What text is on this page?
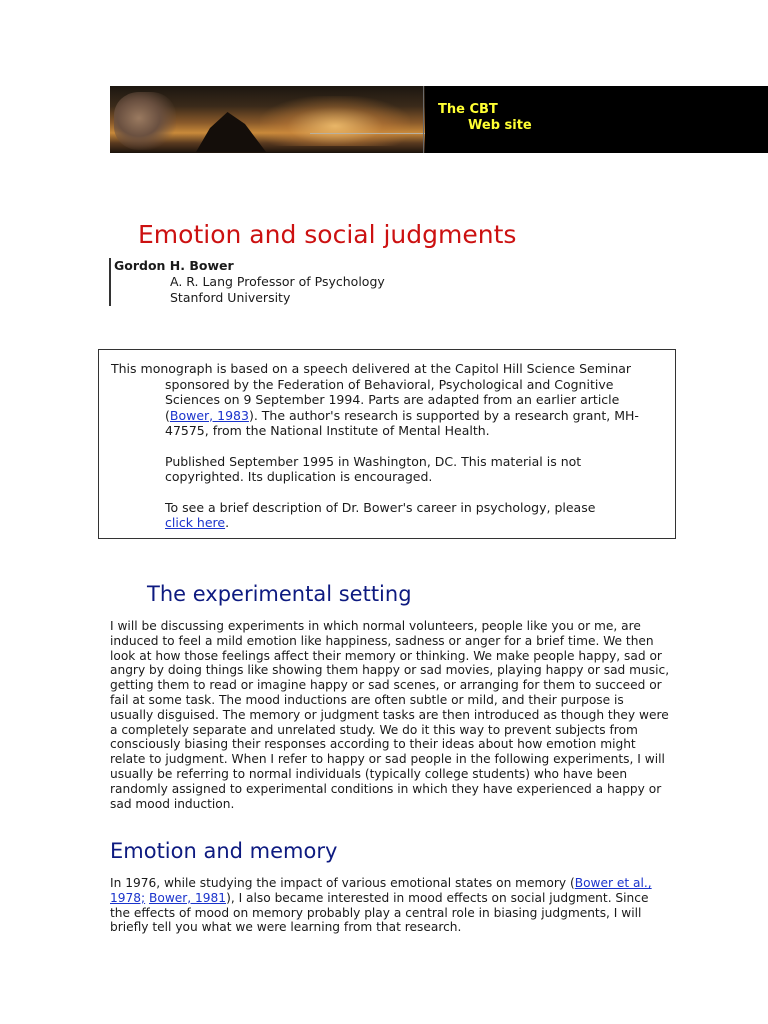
The CBT
Web site
Emotion and social judgments
Gordon H. Bower
A. R. Lang Professor of Psychology
Stanford University

This monograph is based on a speech delivered at the Capitol Hill Science Seminar sponsored by the Federation of Behavioral, Psychological and Cognitive Sciences on 9 September 1994. Parts are adapted from an earlier article (Bower, 1983). The author's research is supported by a research grant, MH-47575, from the National Institute of Mental Health.

Published September 1995 in Washington, DC. This material is not copyrighted. Its duplication is encouraged.

To see a brief description of Dr. Bower's career in psychology, please
click here.

The experimental setting

I will be discussing experiments in which normal volunteers, people like you or me, are induced to feel a mild emotion like happiness, sadness or anger for a brief time. We then look at how those feelings affect their memory or thinking. We make people happy, sad or angry by doing things like showing them happy or sad movies, playing happy or sad music, getting them to read or imagine happy or sad scenes, or arranging for them to succeed or fail at some task. The mood inductions are often subtle or mild, and their purpose is usually disguised. The memory or judgment tasks are then introduced as though they were a completely separate and unrelated study. We do it this way to prevent subjects from consciously biasing their responses according to their ideas about how emotion might relate to judgment. When I refer to happy or sad people in the following experiments, I will usually be referring to normal individuals (typically college students) who have been randomly assigned to experimental conditions in which they have experienced a happy or sad mood induction.

Emotion and memory

In 1976, while studying the impact of various emotional states on memory (Bower et al., 1978; Bower, 1981), I also became interested in mood effects on social judgment. Since the effects of mood on memory probably play a central role in biasing judgments, I will briefly tell you what we were learning from that research.
